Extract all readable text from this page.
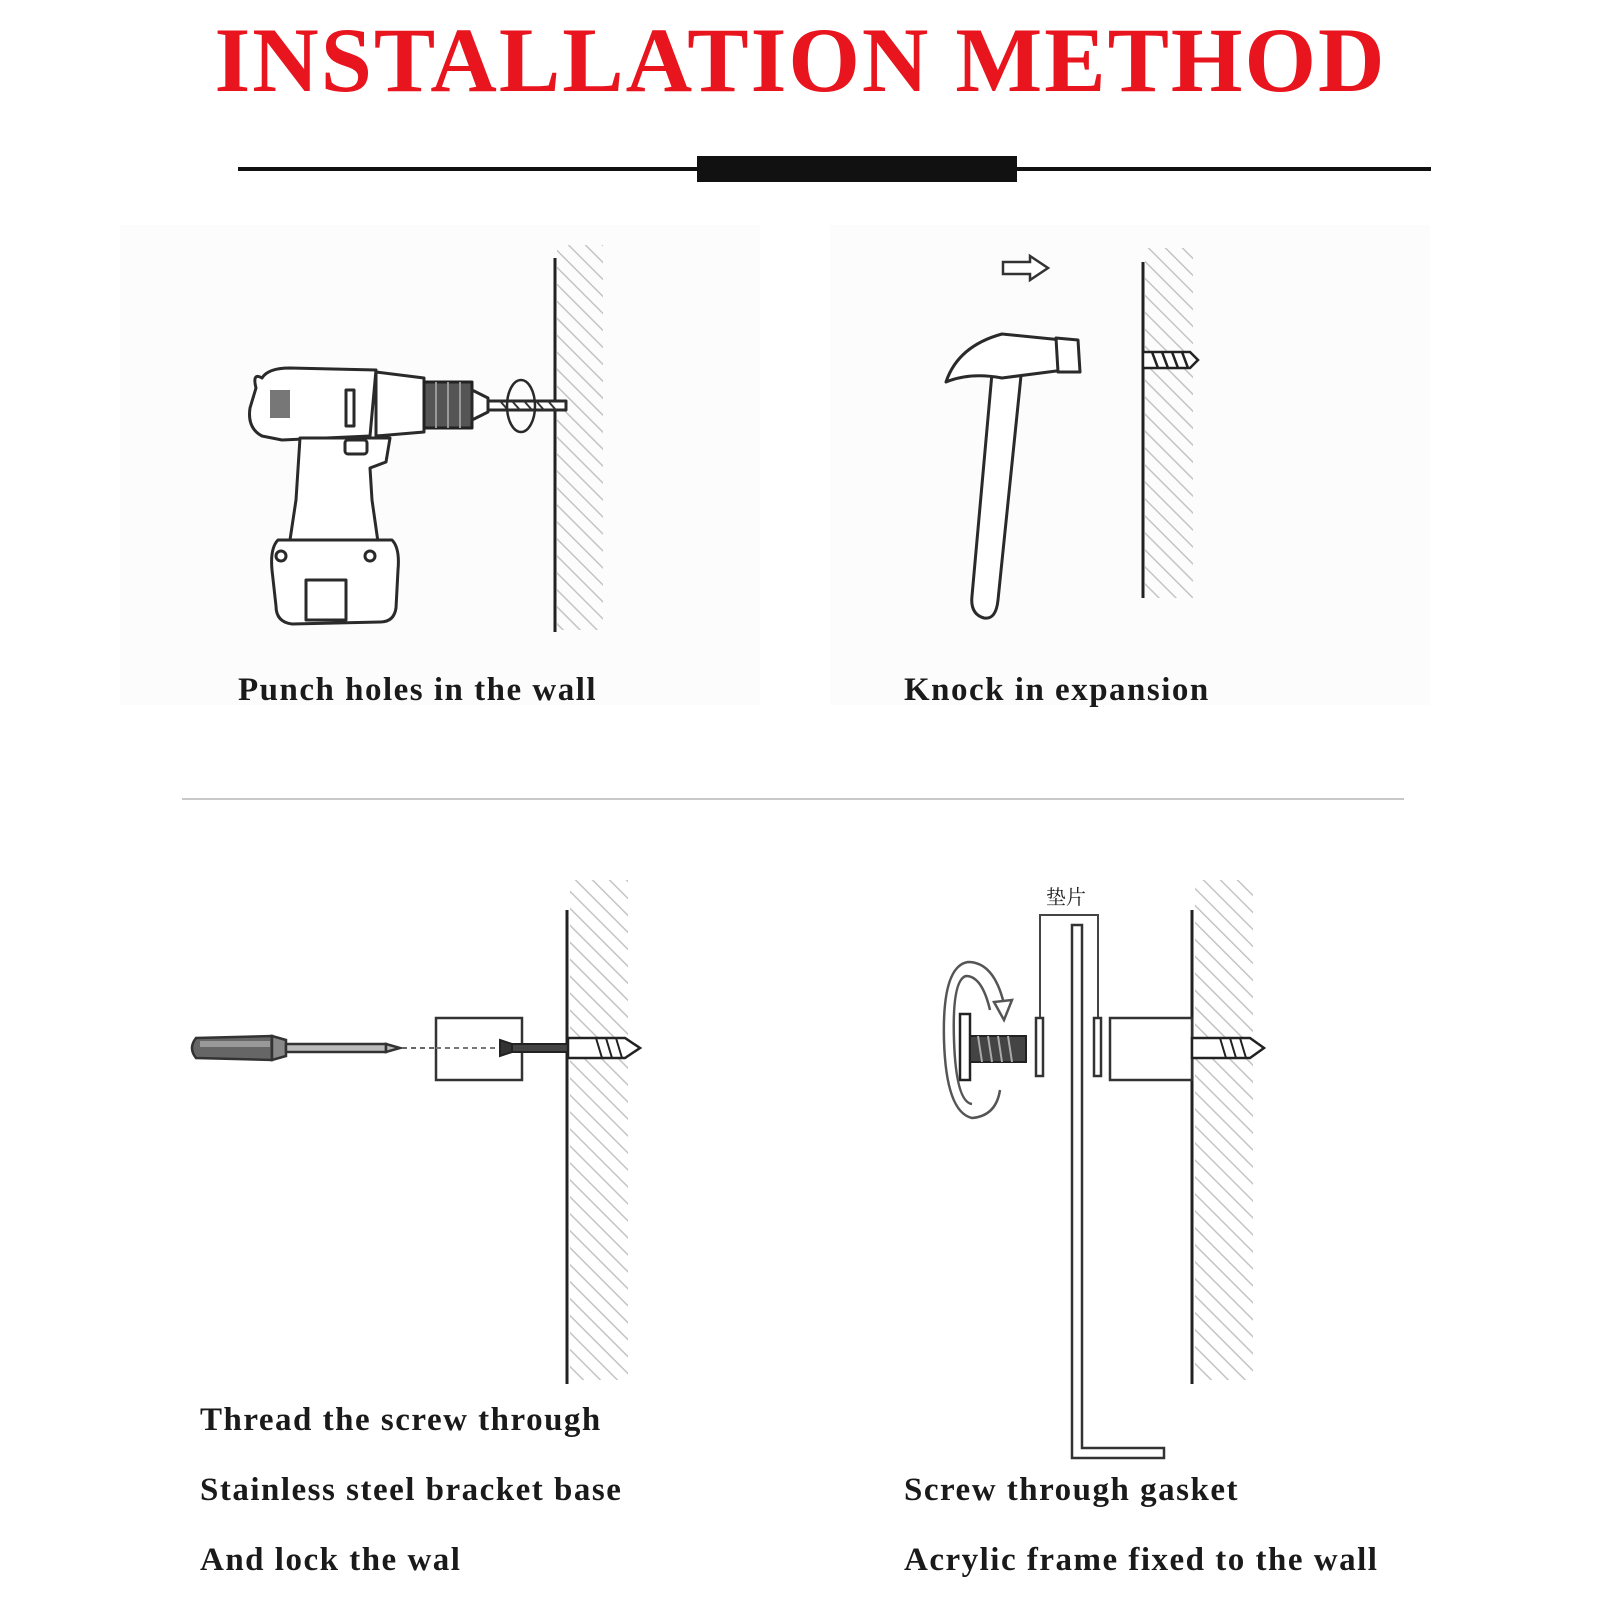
INSTALLATION METHOD
垫片
Punch holes in the wall	Knock in expansion
Thread the screw through
Stainless steel bracket base
And lock the wal
Screw through gasket
Acrylic frame fixed to the wall
